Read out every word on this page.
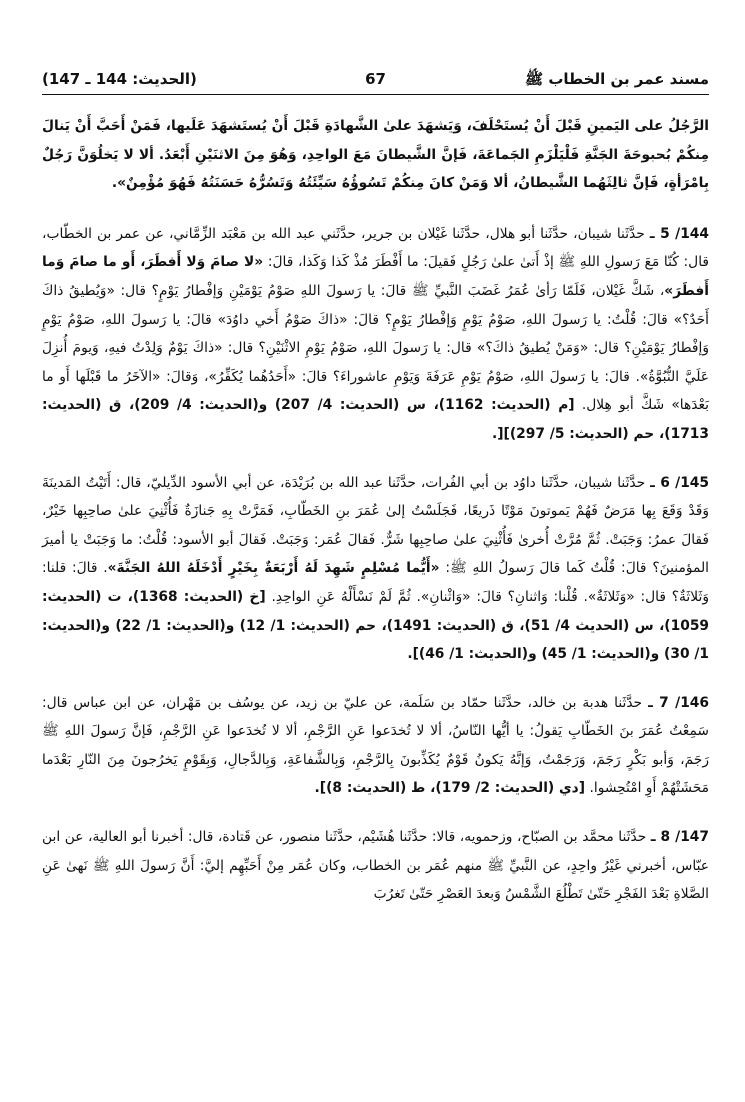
مسند عمر بن الخطاب ﷺ
67
(الحديث: 144 ـ 147)

الرَّجُلُ على اليَمينِ قَبْلَ أَنْ يُستَحْلَفَ، وَيَشهَدَ علىٰ الشَّهادَةِ قَبْلَ أَنْ يُستَشهَدَ عَلَيها، فَمَنْ أَحَبَّ أَنْ يَنالَ مِنكُمْ بُحبوحَةَ الجَنَّةِ فَلْيَلْزَمِ الجَماعَةَ، فَإنَّ الشَّيطانَ مَعَ الواحِدِ، وَهُوَ مِنَ الاثنَيْنِ أَبْعَدُ. ألا لا يَخلُوَنَّ رَجُلٌ بِامْرَأةٍ، فَإنَّ ثالِثَهُما الشَّيطانُ، ألا وَمَنْ كانَ مِنكُمْ تَسُوؤُهُ سَيِّئَتُهُ وَتَسُرُّهُ حَسَنَتُهُ فَهُوَ مُؤْمِنٌ».

144/ 5 ـ حدَّثَنا شيبان، حدَّثَنا أبو هلال، حدَّثَنا غَيْلان بن جرير، حدَّثَني عبد الله بن مَعْبَد الزِّمَّاني، عن عمر بن الخطّاب، قال: كُنّا مَعَ رَسولِ اللهِ ﷺ إذْ أَتىٰ علىٰ رَجُلٍ فَقيلَ: ما أَفْطَرَ مُذْ كَذا وَكَذا، قالَ: «لا صامَ وَلا أَفطَرَ، أَو ما صامَ وَما أَفطَرَ»، شَكَّ غَيْلان، فَلَمّا رَأىٰ عُمَرُ غَضَبَ النَّبيِّ ﷺ قالَ: يا رَسولَ اللهِ صَوْمُ يَوْمَيْنِ وَإفْطارُ يَوْمٍ؟ قال: «وَيُطيقُ ذاكَ أَحَدٌ؟» قالَ: قُلْتُ: يا رَسولَ اللهِ، صَوْمُ يَوْمٍ وَإفْطارُ يَوْمٍ؟ قالَ: «ذاكَ صَوْمُ أَخي داوُدَ» قالَ: يا رَسولَ اللهِ، صَوْمُ يَوْمٍ وَإفْطارُ يَوْمَيْنِ؟ قال: «وَمَنْ يُطيقُ ذاكَ؟» قال: يا رَسولَ اللهِ، صَوْمُ يَوْمِ الاثْنَيْنِ؟ قال: «ذاكَ يَوْمٌ وَلِدْتُ فيهِ، وَيومَ أُنزِلَ عَلَيَّ النُّبُوَّةُ». قالَ: يا رَسولَ اللهِ، صَوْمُ يَوْمِ عَرَفَةَ وَيَوْمِ عاشوراءَ؟ قالَ: «أَحَدُهُما يُكَفِّرُ»، وَقالَ: «الآخَرُ ما قَبْلَها أَو ما بَعْدَها» شَكَّ أبو هِلال. [م (الحديث: 1162)، س (الحديث: 4/ 207) و(الحديث: 4/ 209)، ق (الحديث: 1713)، حم (الحديث: 5/ 297)][.

145/ 6 ـ حدَّثَنا شيبان، حدَّثَنا داوُد بن أبي الفُرات، حدَّثَنا عبد الله بن بُرَيْدَة، عن أبي الأسود الدِّيليّ، قال: أَتَيْتُ المَدينَةَ وَقَدْ وَقَعَ بِها مَرَضٌ فَهُمْ يَموتونَ مَوْتًا ذَريعًا، فَجَلَسْتُ إلىٰ عُمَرَ بنِ الخَطّابِ، فَمَرَّتْ بِهِ جَنازَةٌ فَأُثْنِيَ علىٰ صاحِبِها خَيْرٌ، فَقالَ عمرُ: وَجَبَتْ. ثُمَّ مُرَّتْ أُخرىٰ فَأُثْنِيَ علىٰ صاحِبِها شَرٌّ. فَقالَ عُمَر: وَجَبَتْ. فَقالَ أبو الأسود: قُلْتُ: ما وَجَبَتْ يا أميرَ المؤمنينَ؟ قالَ: قُلْتُ كَما قالَ رَسولُ اللهِ ﷺ: «أَيُّما مُسْلِمٍ شَهِدَ لَهُ أَرْبَعَةٌ بِخَيْرٍ أَدْخَلَهُ اللهُ الجَنَّةَ». قالَ: قلنا: وَثَلاثَةٌ؟ قال: «وَثَلاثَةٌ». قُلْنا: وَاثنانِ؟ قالَ: «وَاثْنانِ». ثُمَّ لَمْ نَسْأَلْهُ عَنِ الواحِدِ. [خ (الحديث: 1368)، ت (الحديث: 1059)، س (الحديث 4/ 51)، ق (الحديث: 1491)، حم (الحديث: 1/ 12) و(الحديث: 1/ 22) و(الحديث: 1/ 30) و(الحديث: 1/ 45) و(الحديث: 1/ 46)].

146/ 7 ـ حدَّثَنا هدبة بن خالد، حدَّثَنا حمّاد بن سَلَمة، عن عليّ بن زيد، عن يوسُف بن مَهْران، عن ابن عباس قال: سَمِعْتُ عُمَرَ بنَ الخَطّابِ يَقولُ: يا أيُّها النّاسُ، ألا لا تُخدَعوا عَنِ الرَّجْمِ، ألا لا تُخدَعوا عَنِ الرَّجْمِ، فَإنَّ رَسولَ اللهِ ﷺ رَجَمَ، وَأبو بَكْرٍ رَجَمَ، وَرَجَمْتُ، وَإنَّهُ يَكونُ قَوْمٌ يُكَذِّبونَ بِالرَّجْمِ، وَبِالشَّفاعَةِ، وَبِالدَّجالِ، وَبِقَوْمٍ يَخرُجونَ مِنَ النّارِ بَعْدَما مَحَشَتْهُمْ أَوِ امْتُحِشوا. [دي (الحديث: 2/ 179)، ط (الحديث: 8)].

147/ 8 ـ حدَّثَنا محمَّد بن الصبّاح، وزحمويه، قالا: حدَّثَنا هُشَيْم، حدَّثَنا منصور، عن قَتادة، قال: أخبرنا أبو العالية، عن ابن عبّاس، أخبرني غَيْرُ واحِدٍ، عن النَّبيِّ ﷺ منهم عُمَر بن الخطاب، وكان عُمَر مِنْ أَحَبِّهِم إليَّ: أَنَّ رَسولَ اللهِ ﷺ نَهىٰ عَنِ الصَّلاةِ بَعْدَ الفَجْرِ حَتّىٰ تَطْلُعَ الشَّمْسُ وَبعدَ العَصْرِ حَتّىٰ تَغرُبَ
